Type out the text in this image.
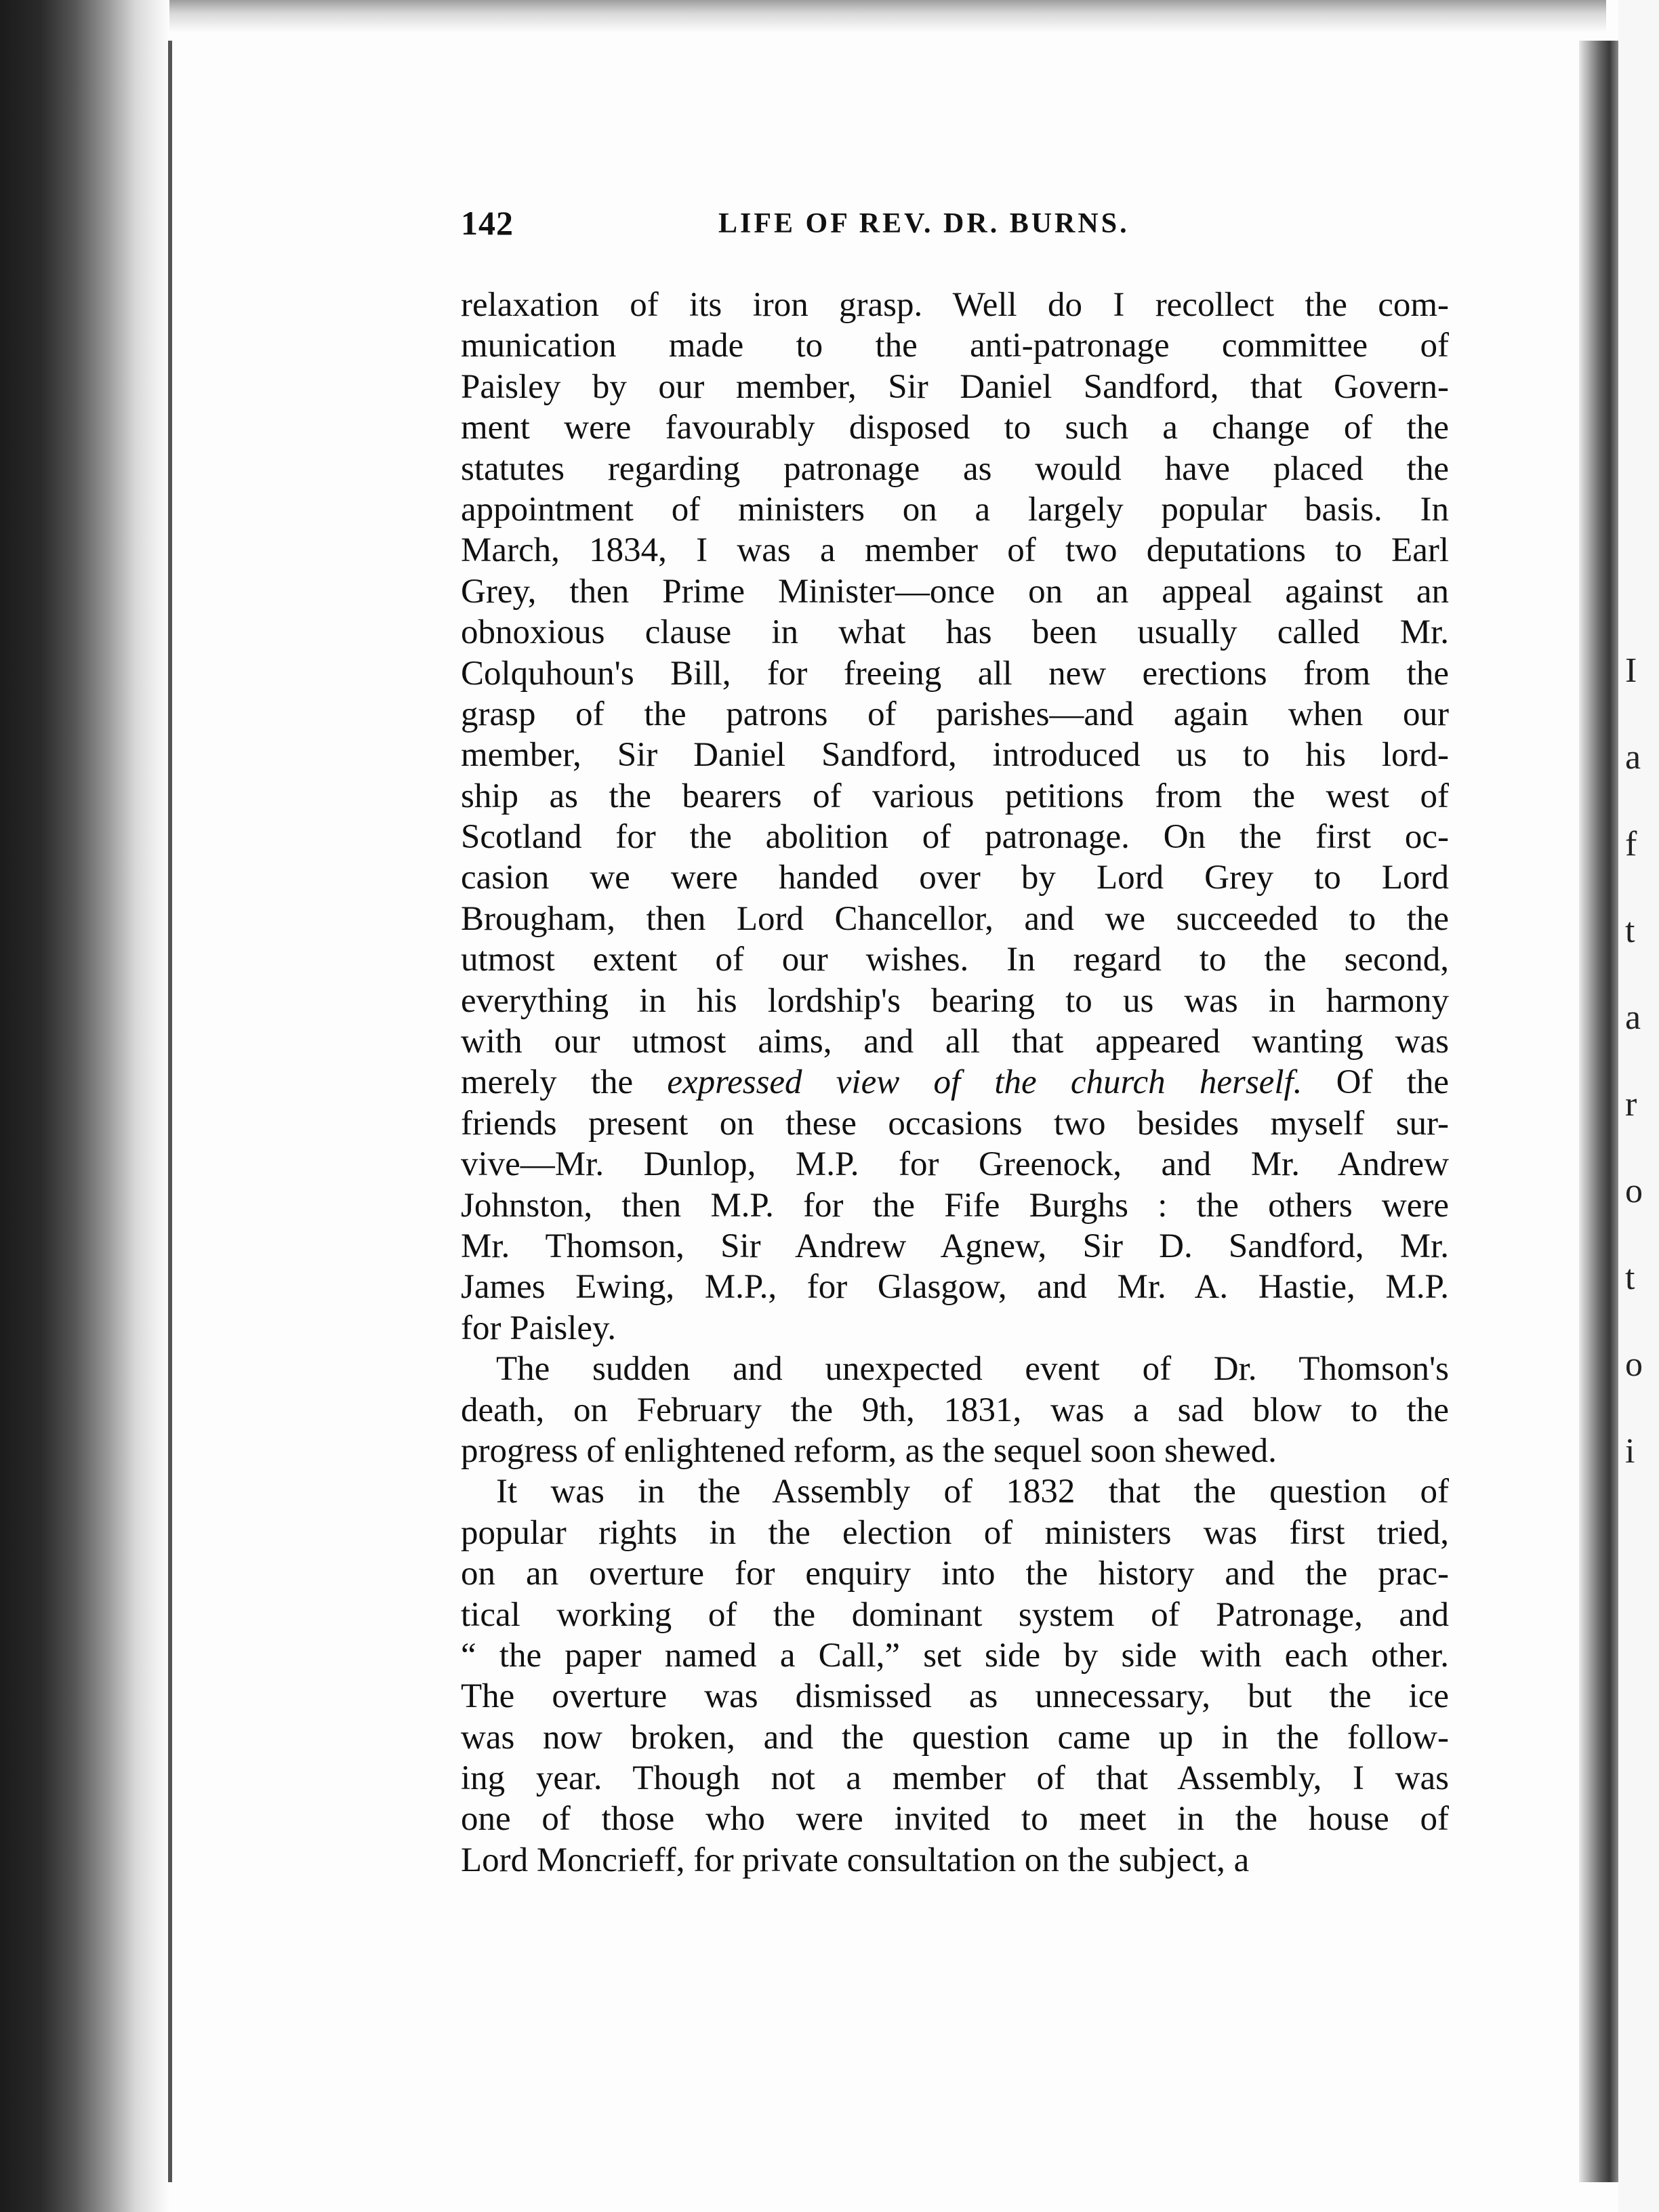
I
a
f
t
a
r
o
t
o
i
142	LIFE OF REV. DR. BURNS.
relaxation of its iron grasp. Well do I recollect the com-
munication made to the anti-patronage committee of
Paisley by our member, Sir Daniel Sandford, that Govern-
ment were favourably disposed to such a change of the
statutes regarding patronage as would have placed the
appointment of ministers on a largely popular basis. In
March, 1834, I was a member of two deputations to Earl
Grey, then Prime Minister—once on an appeal against an
obnoxious clause in what has been usually called Mr.
Colquhoun's Bill, for freeing all new erections from the
grasp of the patrons of parishes—and again when our
member, Sir Daniel Sandford, introduced us to his lord-
ship as the bearers of various petitions from the west of
Scotland for the abolition of patronage. On the first oc-
casion we were handed over by Lord Grey to Lord
Brougham, then Lord Chancellor, and we succeeded to the
utmost extent of our wishes. In regard to the second,
everything in his lordship's bearing to us was in harmony
with our utmost aims, and all that appeared wanting was
merely the expressed view of the church herself. Of the
friends present on these occasions two besides myself sur-
vive—Mr. Dunlop, M.P. for Greenock, and Mr. Andrew
Johnston, then M.P. for the Fife Burghs : the others were
Mr. Thomson, Sir Andrew Agnew, Sir D. Sandford, Mr.
James Ewing, M.P., for Glasgow, and Mr. A. Hastie, M.P.
for Paisley.
The sudden and unexpected event of Dr. Thomson's
death, on February the 9th, 1831, was a sad blow to the
progress of enlightened reform, as the sequel soon shewed.
It was in the Assembly of 1832 that the question of
popular rights in the election of ministers was first tried,
on an overture for enquiry into the history and the prac-
tical working of the dominant system of Patronage, and
“ the paper named a Call,” set side by side with each other.
The overture was dismissed as unnecessary, but the ice
was now broken, and the question came up in the follow-
ing year. Though not a member of that Assembly, I was
one of those who were invited to meet in the house of
Lord Moncrieff, for private consultation on the subject, a
